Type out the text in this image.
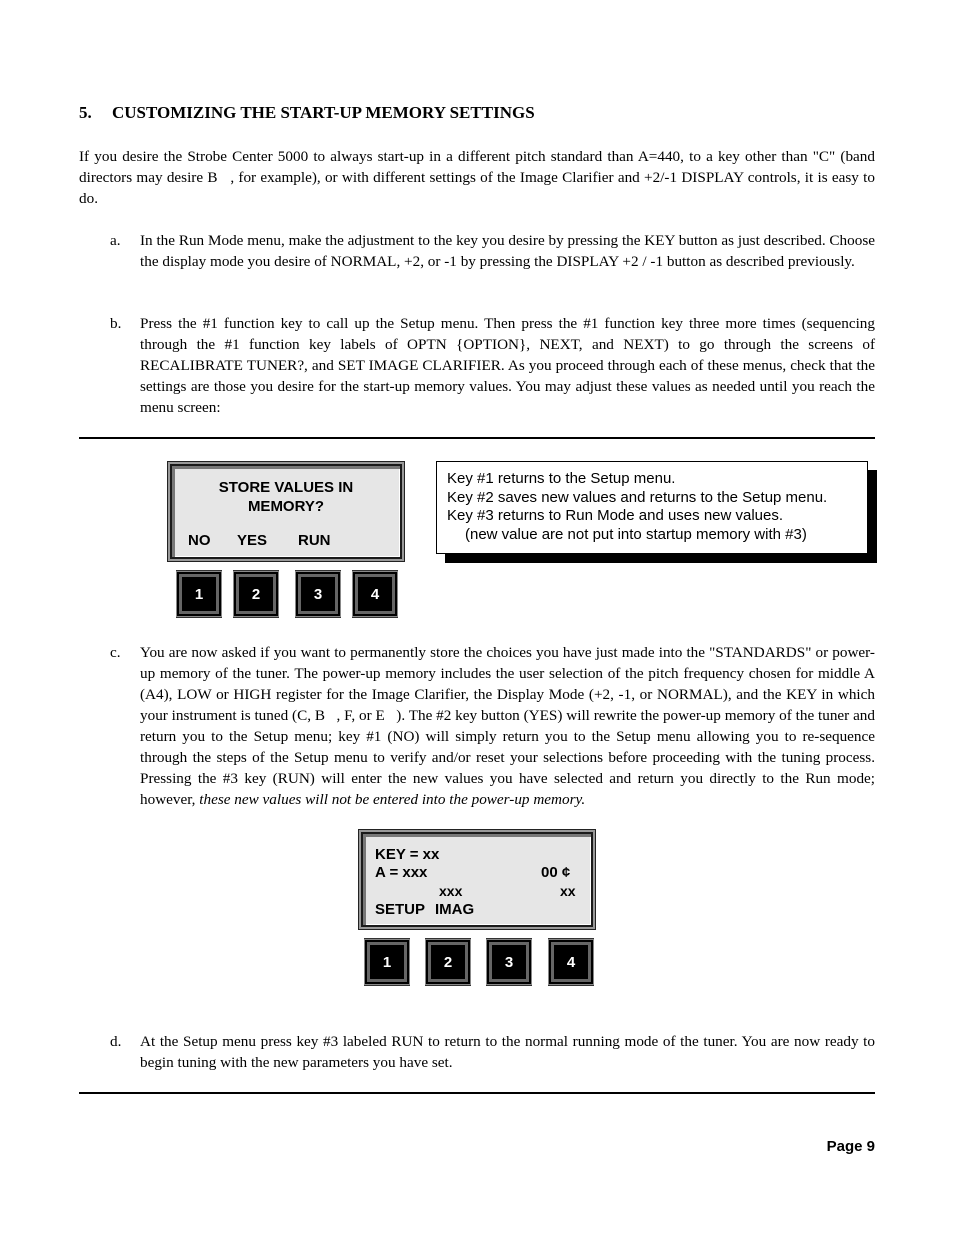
5. CUSTOMIZING THE START-UP MEMORY SETTINGS
If you desire the Strobe Center 5000 to always start-up in a different pitch standard than A=440, to a key other than "C" (band directors may desire B   , for example), or with different settings of the Image Clarifier and +2/-1 DISPLAY controls, it is easy to do.
a.	In the Run Mode menu, make the adjustment to the key you desire by pressing the KEY button as just described. Choose the display mode you desire of NORMAL, +2, or -1 by pressing the DISPLAY +2 / -1 button as described previously.
b.	Press the #1 function key to call up the Setup menu. Then press the #1 function key three more times (sequencing through the #1 function key labels of OPTN {OPTION}, NEXT, and NEXT) to go through the screens of RECALIBRATE TUNER?, and SET IMAGE CLARIFIER. As you proceed through each of these menus, check that the settings are those you desire for the start-up memory values. You may adjust these values as needed until you reach the menu screen:
STORE VALUES IN
MEMORY?
NO YES RUN
1	2	3	4
Key #1 returns to the Setup menu.
Key #2 saves new values and returns to the Setup menu.
Key #3 returns to Run Mode and uses new values.
(new value are not put into startup memory with #3)
c.	You are now asked if you want to permanently store the choices you have just made into the "STANDARDS" or power-up memory of the tuner. The power-up memory includes the user selection of the pitch frequency chosen for middle A (A4), LOW or HIGH register for the Image Clarifier, the Display Mode (+2, -1, or NORMAL), and the KEY in which your instrument is tuned (C, B   , F, or E   ). The #2 key button (YES) will rewrite the power-up memory of the tuner and return you to the Setup menu; key #1 (NO) will simply return you to the Setup menu allowing you to re-sequence through the steps of the Setup menu to verify and/or reset your selections before proceeding with the tuning process. Pressing the #3 key (RUN) will enter the new values you have selected and return you directly to the Run mode; however, these new values will not be entered into the power-up memory.
KEY = xx
A = xxx	00 ¢
xxx	xx
SETUP IMAG
1	2	3	4
d.	At the Setup menu press key #3 labeled RUN to return to the normal running mode of the tuner. You are now ready to begin tuning with the new parameters you have set.
Page 9
